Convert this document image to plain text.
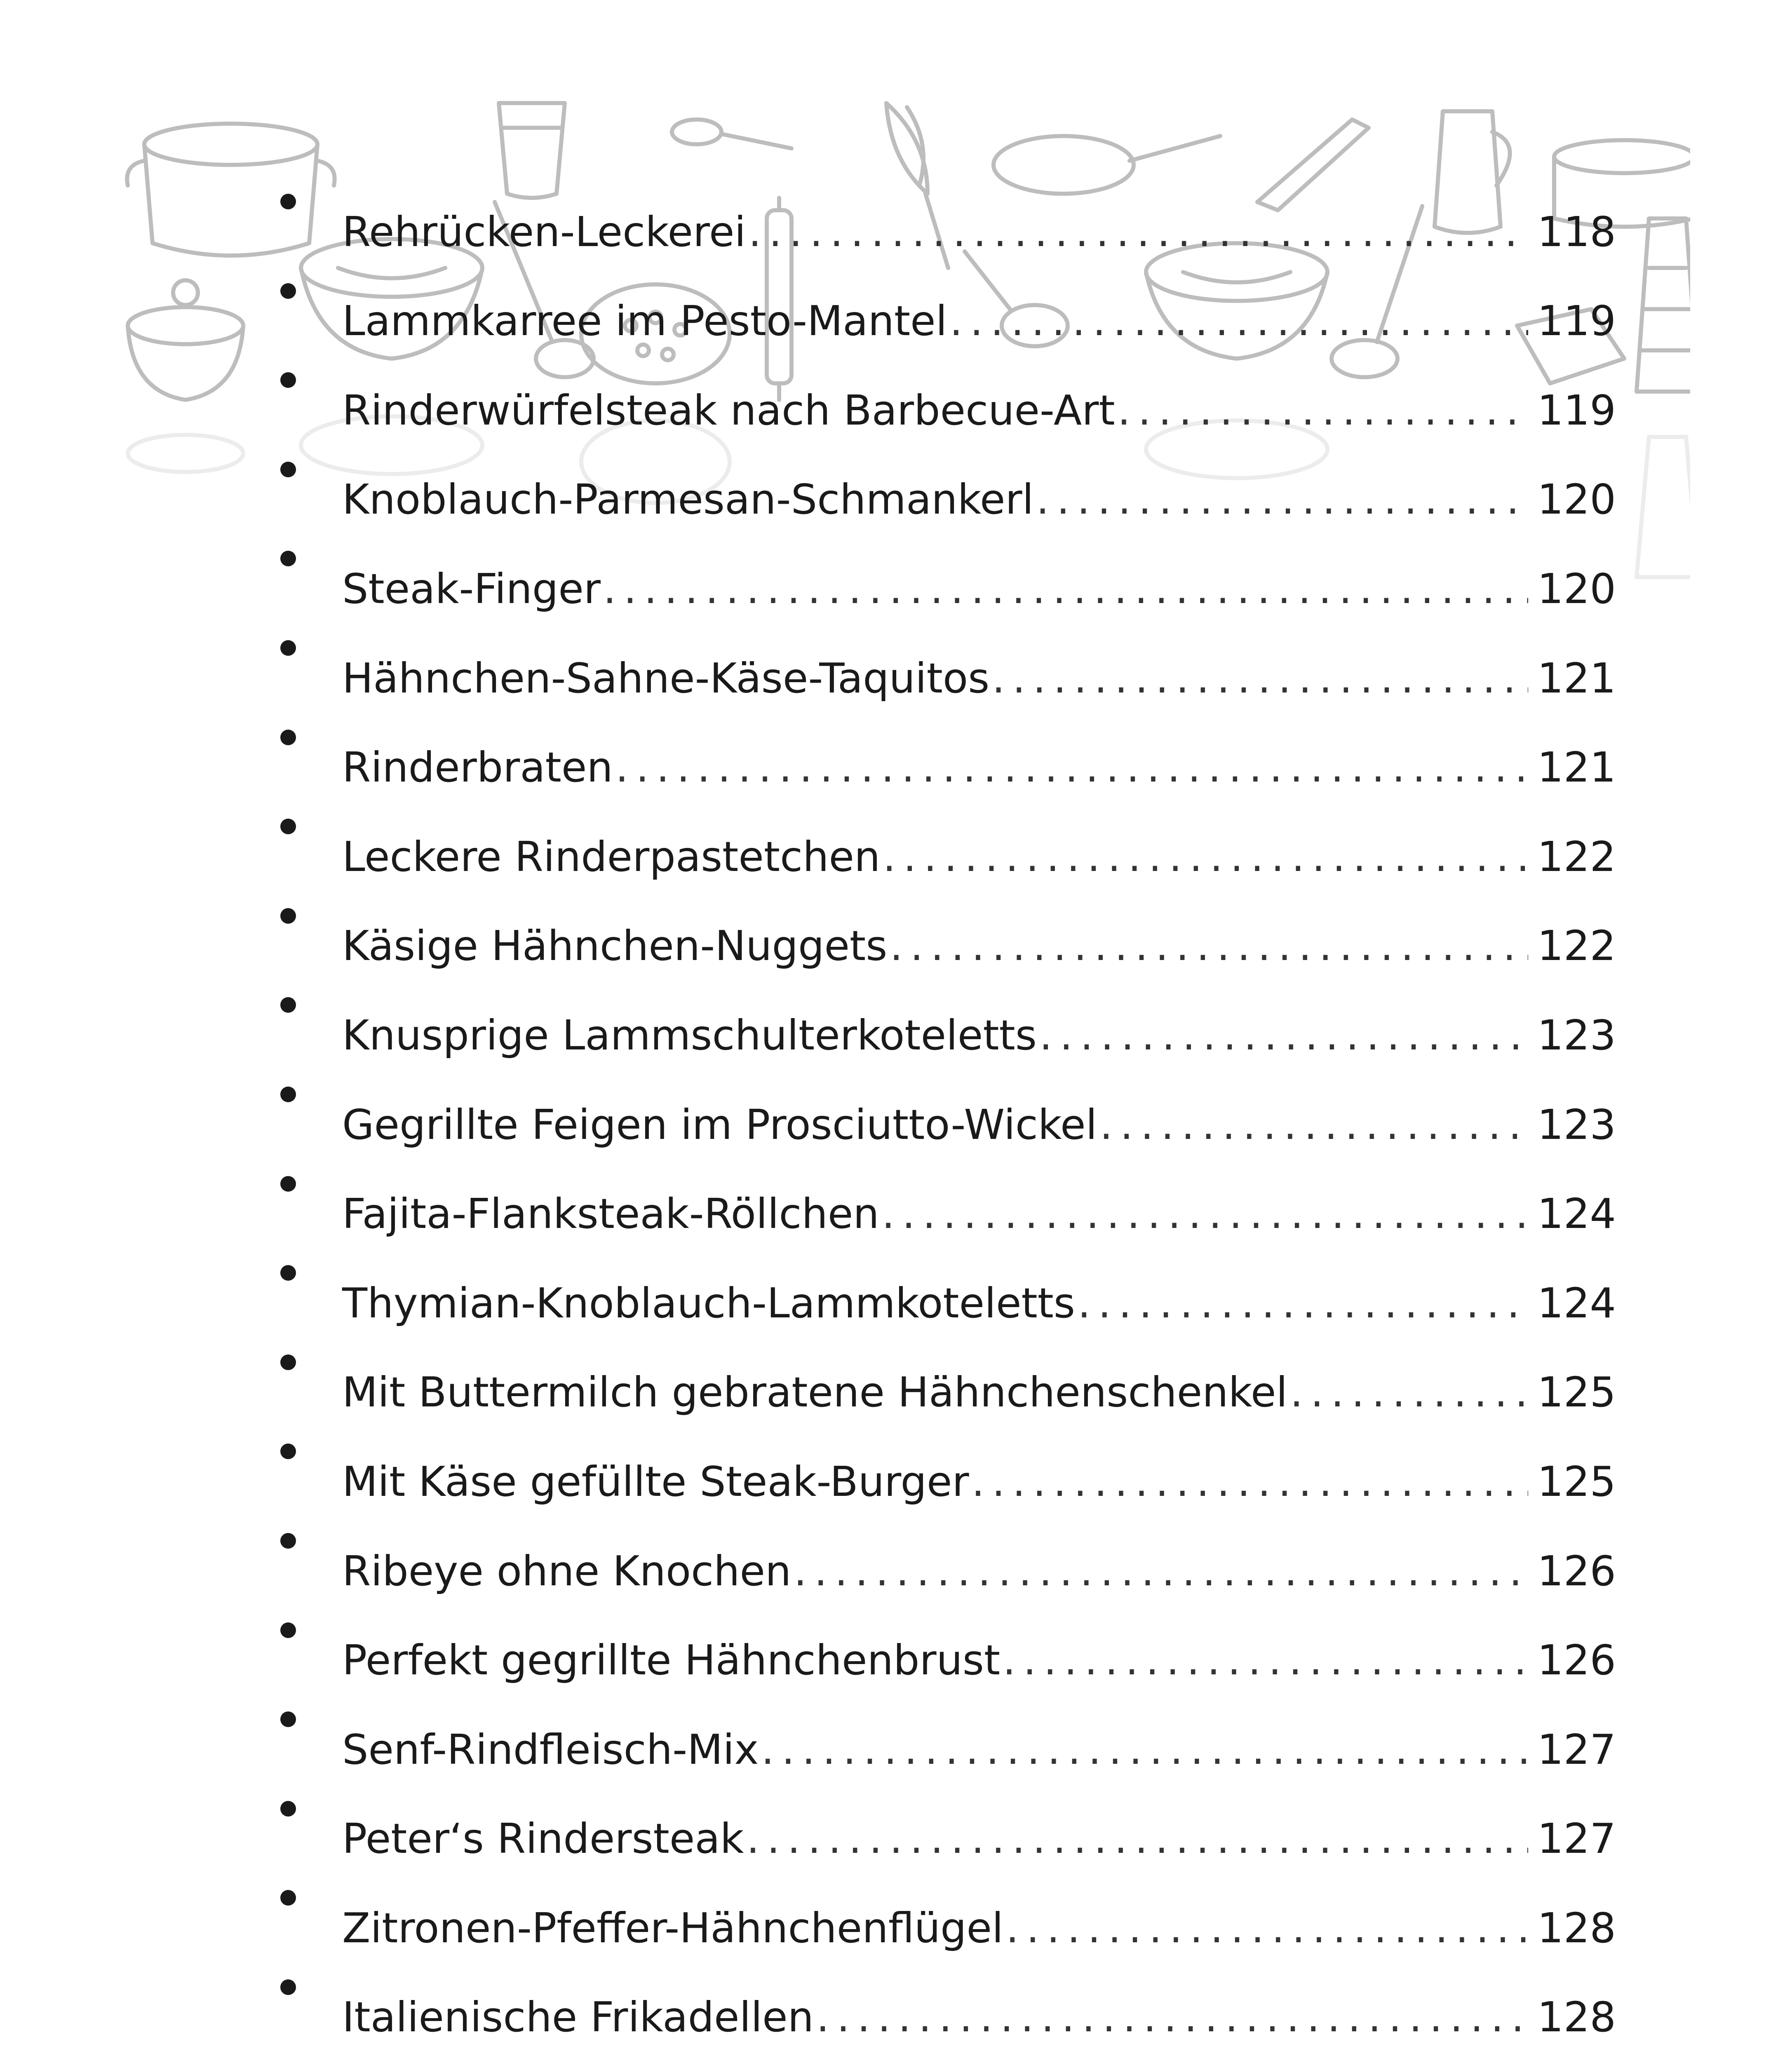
Rehrücken-Leckerei . . .	118
Lammkarree im Pesto-Mantel . . .	119
Rinderwürfelsteak nach Barbecue-Art . . .	119
Knoblauch-Parmesan-Schmankerl . . .	120
Steak-Finger . . .	120
Hähnchen-Sahne-Käse-Taquitos . . .	121
Rinderbraten . . .	121
Leckere Rinderpastetchen . . .	122
Käsige Hähnchen-Nuggets . . .	122
Knusprige Lammschulterkoteletts . . .	123
Gegrillte Feigen im Prosciutto-Wickel . . .	123
Fajita-Flanksteak-Röllchen . . .	124
Thymian-Knoblauch-Lammkoteletts . . .	124
Mit Buttermilch gebratene Hähnchenschenkel . . .	125
Mit Käse gefüllte Steak-Burger . . .	125
Ribeye ohne Knochen . . .	126
Perfekt gegrillte Hähnchenbrust . . .	126
Senf-Rindfleisch-Mix . . .	127
Peter‘s Rindersteak . . .	127
Zitronen-Pfeffer-Hähnchenflügel . . .	128
Italienische Frikadellen . . .	128
